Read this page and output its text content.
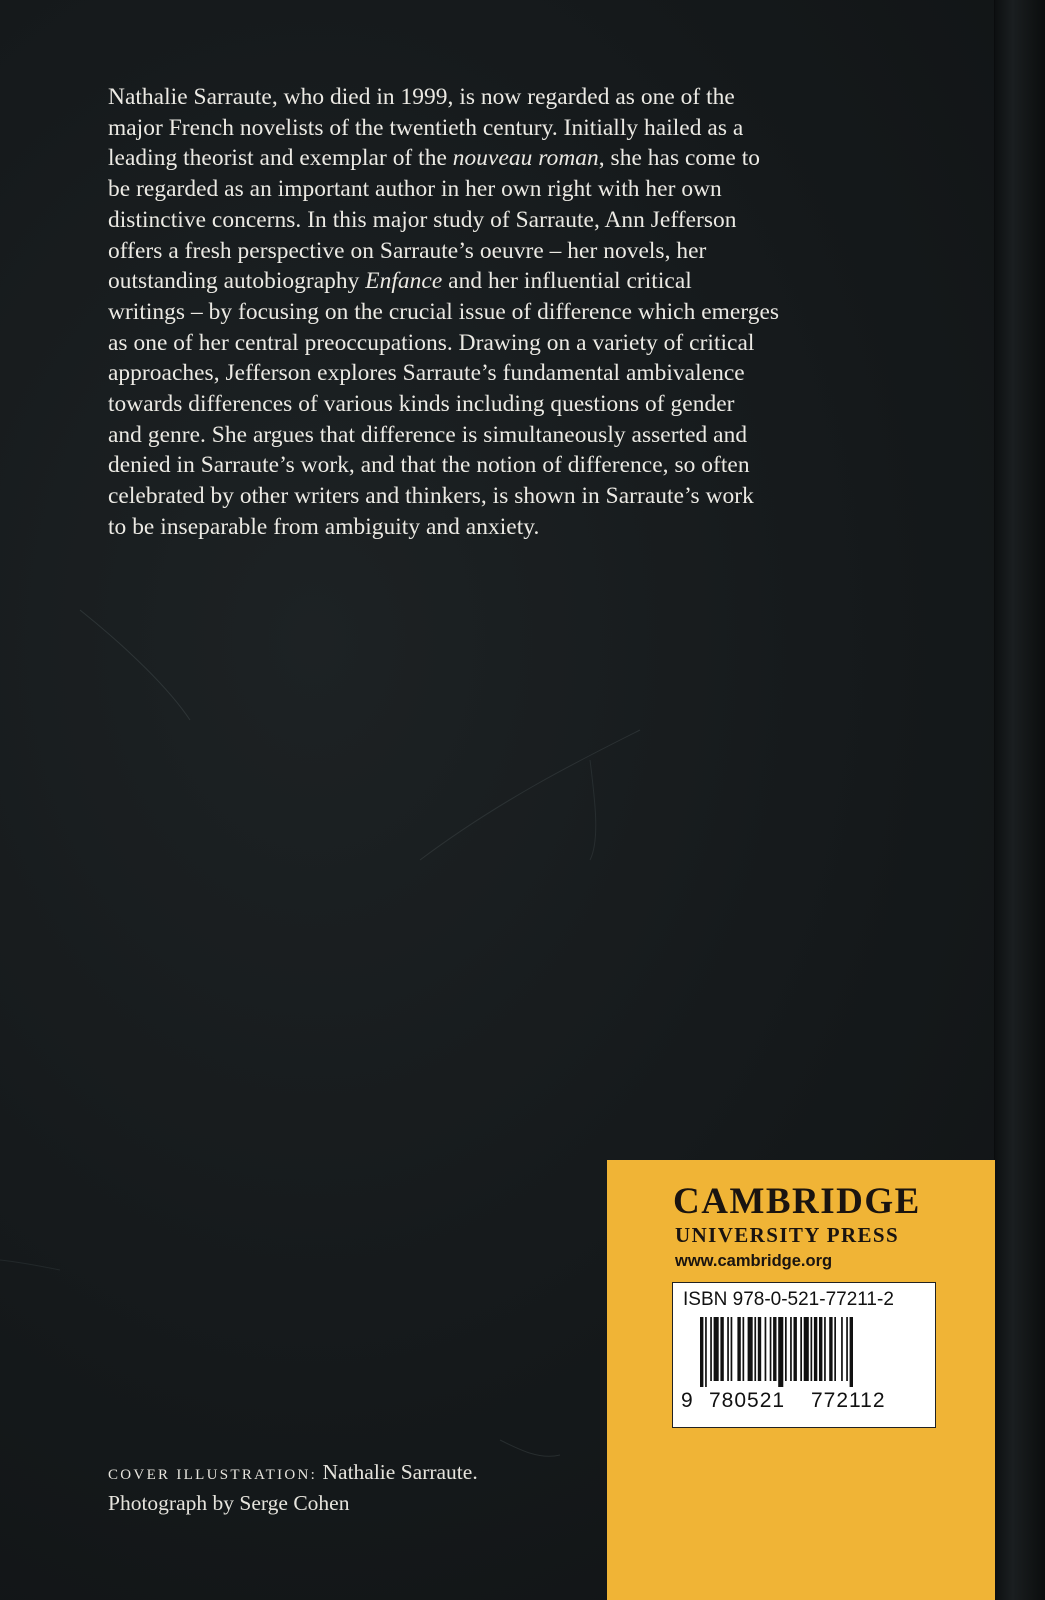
Nathalie Sarraute, who died in 1999, is now regarded as one of the
major French novelists of the twentieth century. Initially hailed as a
leading theorist and exemplar of the nouveau roman, she has come to
be regarded as an important author in her own right with her own
distinctive concerns. In this major study of Sarraute, Ann Jefferson
offers a fresh perspective on Sarraute’s oeuvre – her novels, her
outstanding autobiography Enfance and her influential critical
writings – by focusing on the crucial issue of difference which emerges
as one of her central preoccupations. Drawing on a variety of critical
approaches, Jefferson explores Sarraute’s fundamental ambivalence
towards differences of various kinds including questions of gender
and genre. She argues that difference is simultaneously asserted and
denied in Sarraute’s work, and that the notion of difference, so often
celebrated by other writers and thinkers, is shown in Sarraute’s work
to be inseparable from ambiguity and anxiety.

COVER ILLUSTRATION: Nathalie Sarraute.
Photograph by Serge Cohen
CAMBRIDGE
UNIVERSITY PRESS
www.cambridge.org
ISBN 978-0-521-77211-2
9 780521 772112
